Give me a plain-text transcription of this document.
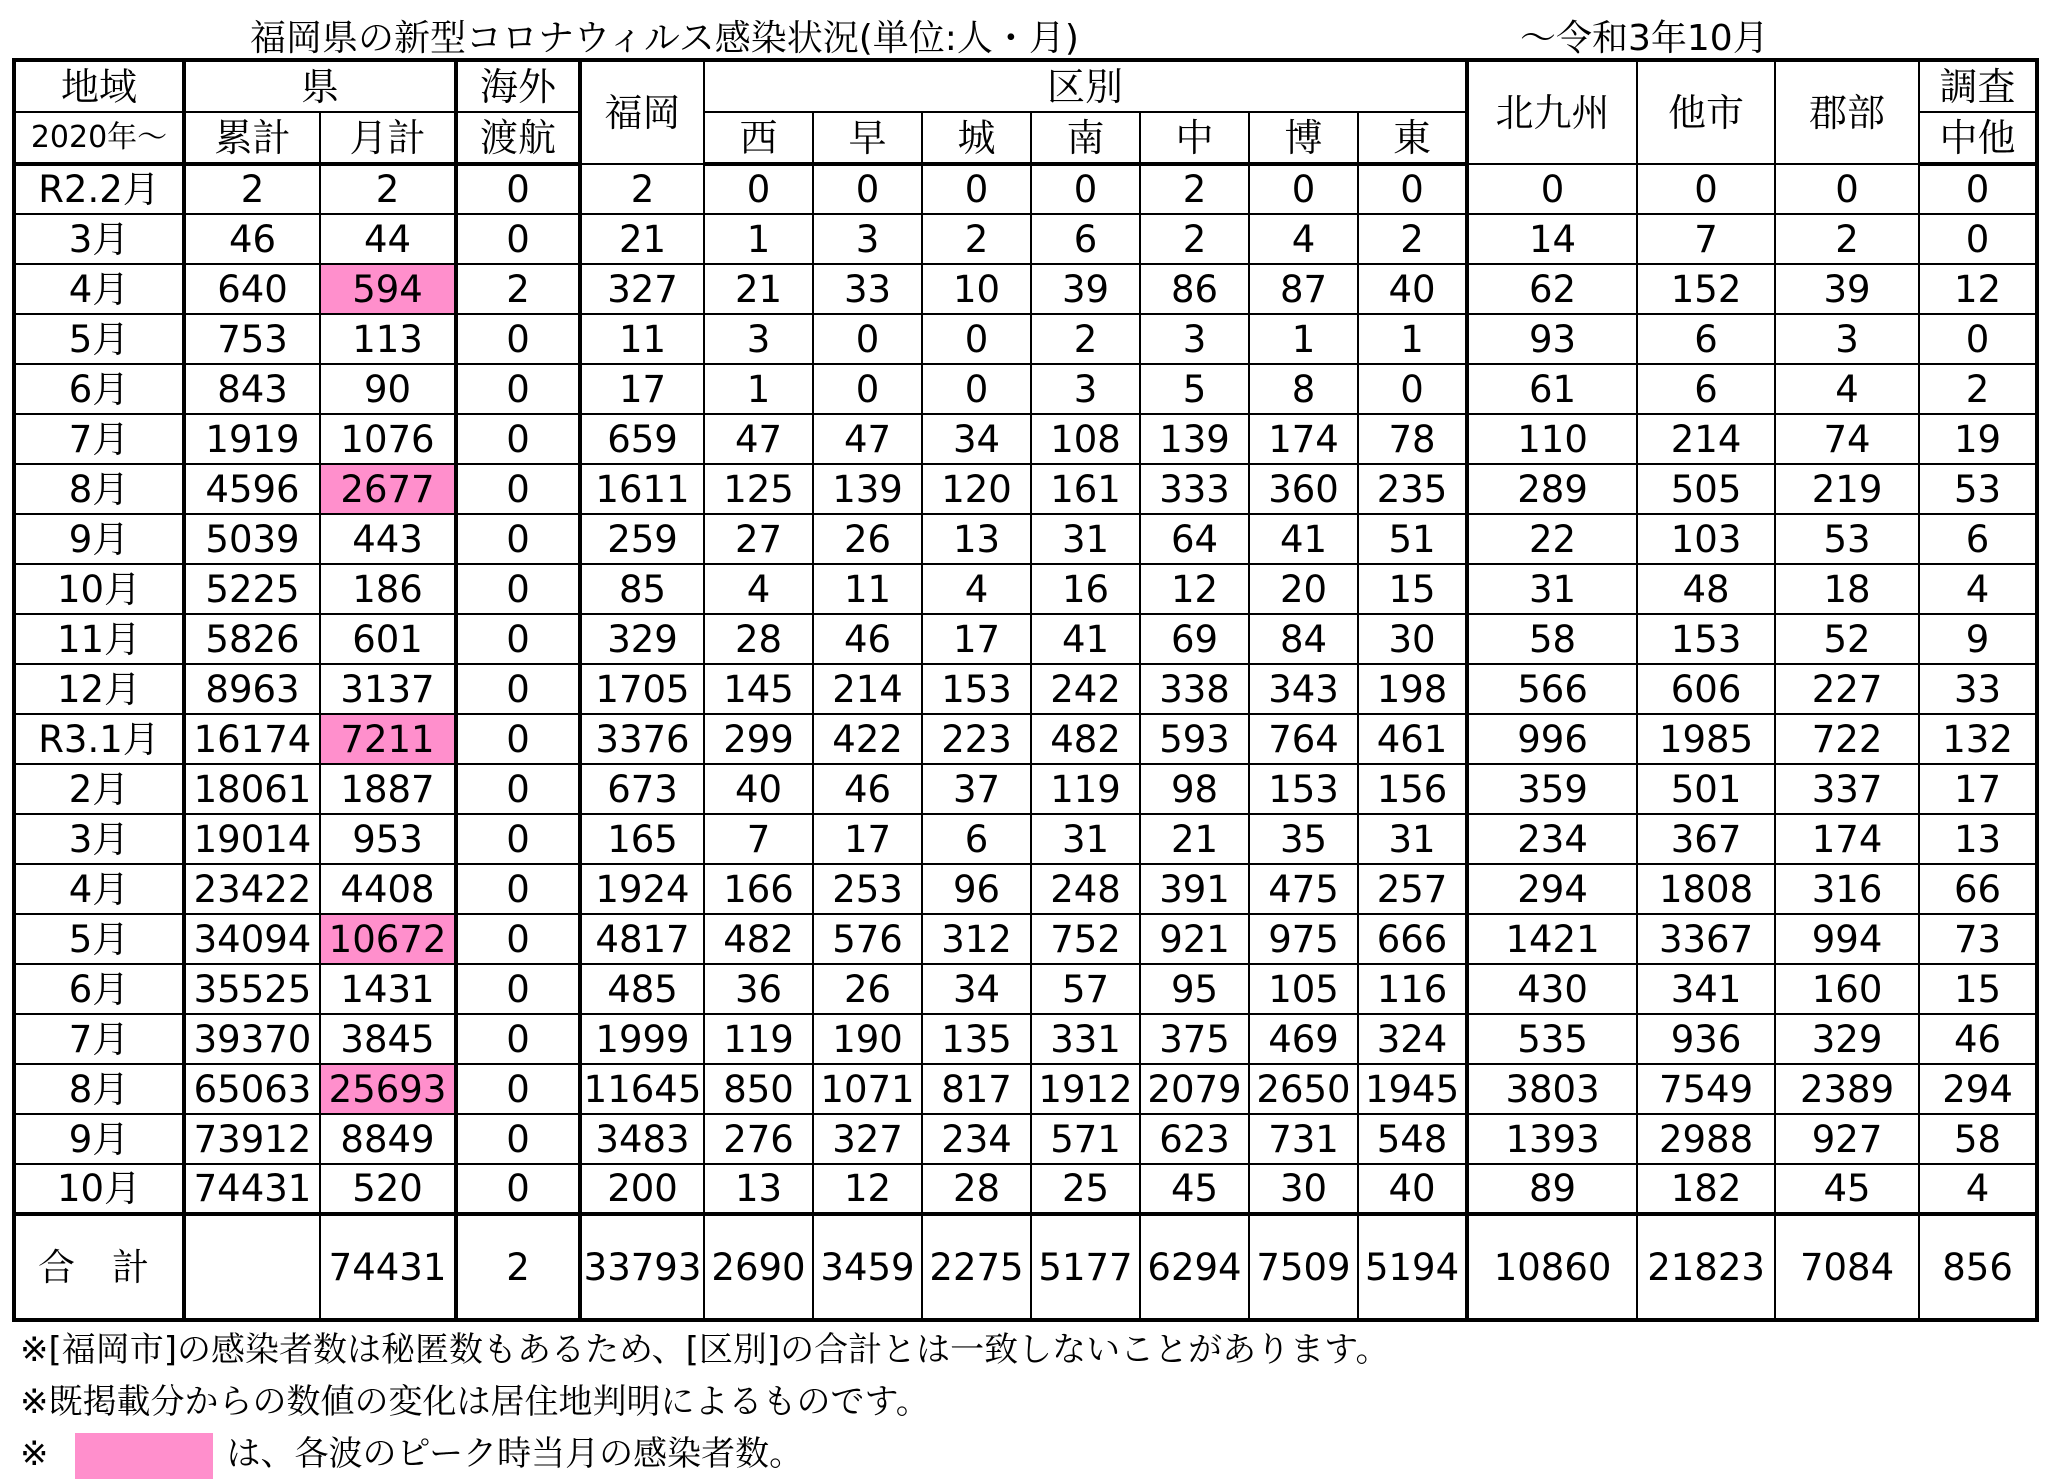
福岡県の新型コロナウィルス感染状況(単位:人・月)	～令和3年10月
地域	県		海外	福岡	区別							北九州	他市	郡部	調査
2020年～	累計	月計	渡航		西	早	城	南	中	博	東				中他
R2.2月	2	2	0	2	0	0	0	0	2	0	0	0	0	0	0
3月	46	44	0	21	1	3	2	6	2	4	2	14	7	2	0
4月	640	594	2	327	21	33	10	39	86	87	40	62	152	39	12
5月	753	113	0	11	3	0	0	2	3	1	1	93	6	3	0
6月	843	90	0	17	1	0	0	3	5	8	0	61	6	4	2
7月	1919	1076	0	659	47	47	34	108	139	174	78	110	214	74	19
8月	4596	2677	0	1611	125	139	120	161	333	360	235	289	505	219	53
9月	5039	443	0	259	27	26	13	31	64	41	51	22	103	53	6
10月	5225	186	0	85	4	11	4	16	12	20	15	31	48	18	4
11月	5826	601	0	329	28	46	17	41	69	84	30	58	153	52	9
12月	8963	3137	0	1705	145	214	153	242	338	343	198	566	606	227	33
R3.1月	16174	7211	0	3376	299	422	223	482	593	764	461	996	1985	722	132
2月	18061	1887	0	673	40	46	37	119	98	153	156	359	501	337	17
3月	19014	953	0	165	7	17	6	31	21	35	31	234	367	174	13
4月	23422	4408	0	1924	166	253	96	248	391	475	257	294	1808	316	66
5月	34094	10672	0	4817	482	576	312	752	921	975	666	1421	3367	994	73
6月	35525	1431	0	485	36	26	34	57	95	105	116	430	341	160	15
7月	39370	3845	0	1999	119	190	135	331	375	469	324	535	936	329	46
8月	65063	25693	0	11645	850	1071	817	1912	2079	2650	1945	3803	7549	2389	294
9月	73912	8849	0	3483	276	327	234	571	623	731	548	1393	2988	927	58
10月	74431	520	0	200	13	12	28	25	45	30	40	89	182	45	4
合　計		74431	2	33793	2690	3459	2275	5177	6294	7509	5194	10860	21823	7084	856
※[福岡市]の感染者数は秘匿数もあるため、[区別]の合計とは一致しないことがあります。
※既掲載分からの数値の変化は居住地判明によるものです。
※	は、各波のピーク時当月の感染者数。
